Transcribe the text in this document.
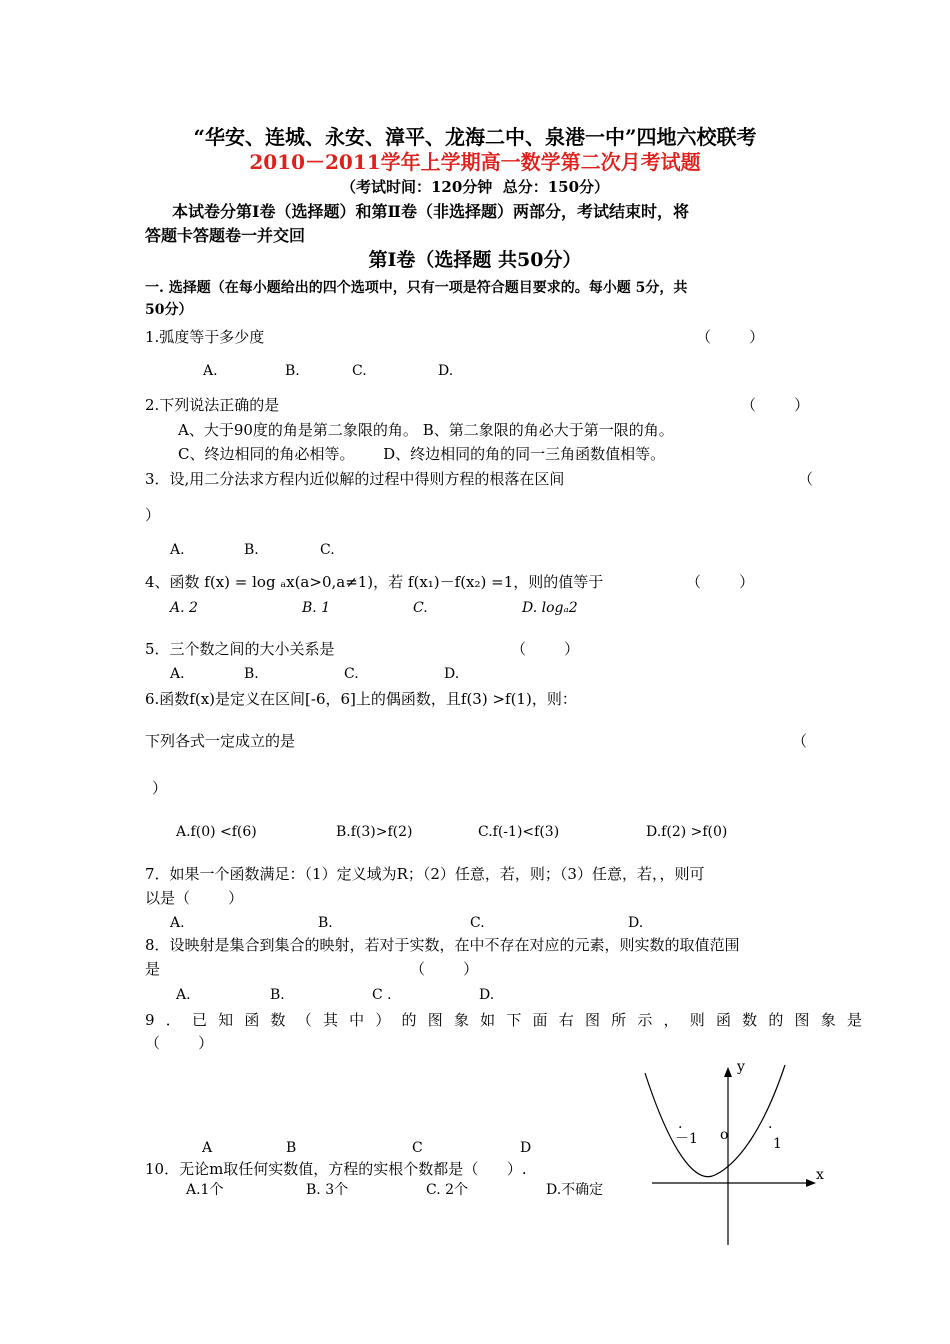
“华安、连城、永安、漳平、龙海二中、泉港一中”四地六校联考
2010－2011学年上学期高一数学第二次月考试题
（考试时间：120分钟  总分：150分）
本试卷分第Ⅰ卷（选择题）和第Ⅱ卷（非选择题）两部分，考试结束时，将
答题卡答题卷一并交回
第Ⅰ卷（选择题 共50分）
一. 选择题（在每小题给出的四个选项中，只有一项是符合题目要求的。每小题 5分，共
50分）
1.弧度等于多少度	（        ）
A.	B.	C.	D.
2.下列说法正确的是	（        ）
A、大于90度的角是第二象限的角。 B、第二象限的角必大于第一限的角。
C、终边相同的角必相等。      D、终边相同的角的同一三角函数值相等。
3．设,用二分法求方程内近似解的过程中得则方程的根落在区间	（
）
A.	B.	C.
4、函数 f(x) = log ₐx(a>0,a≠1)，若 f(x₁)－f(x₂) =1，则的值等于	（        ）
A. 2	B. 1	C.	D. logₐ2
5．三个数之间的大小关系是	（        ）
A.	B.	C.	D.
6.函数f(x)是定义在区间[-6，6]上的偶函数，且f(3) >f(1)，则：
下列各式一定成立的是	（
）
A.f(0) <f(6)	B.f(3)>f(2)	C.f(-1)<f(3)	D.f(2) >f(0)
7．如果一个函数满足：（1）定义域为R；（2）任意，若，则；（3）任意，若，，则可
以是（        ）
A.	B.	C.	D.
8．设映射是集合到集合的映射，若对于实数，在中不存在对应的元素，则实数的取值范围
是	（        ）
A.	B.	C .	D.
9．已知函数（其中）的图象如下面右图所示，则函数的图象是
（        ）
A	B	C	D
10．无论m取任何实数值，方程的实根个数都是（      ）.
A.1个	B. 3个	C. 2个	D.不确定
y
x
o
.
－1
.
1
